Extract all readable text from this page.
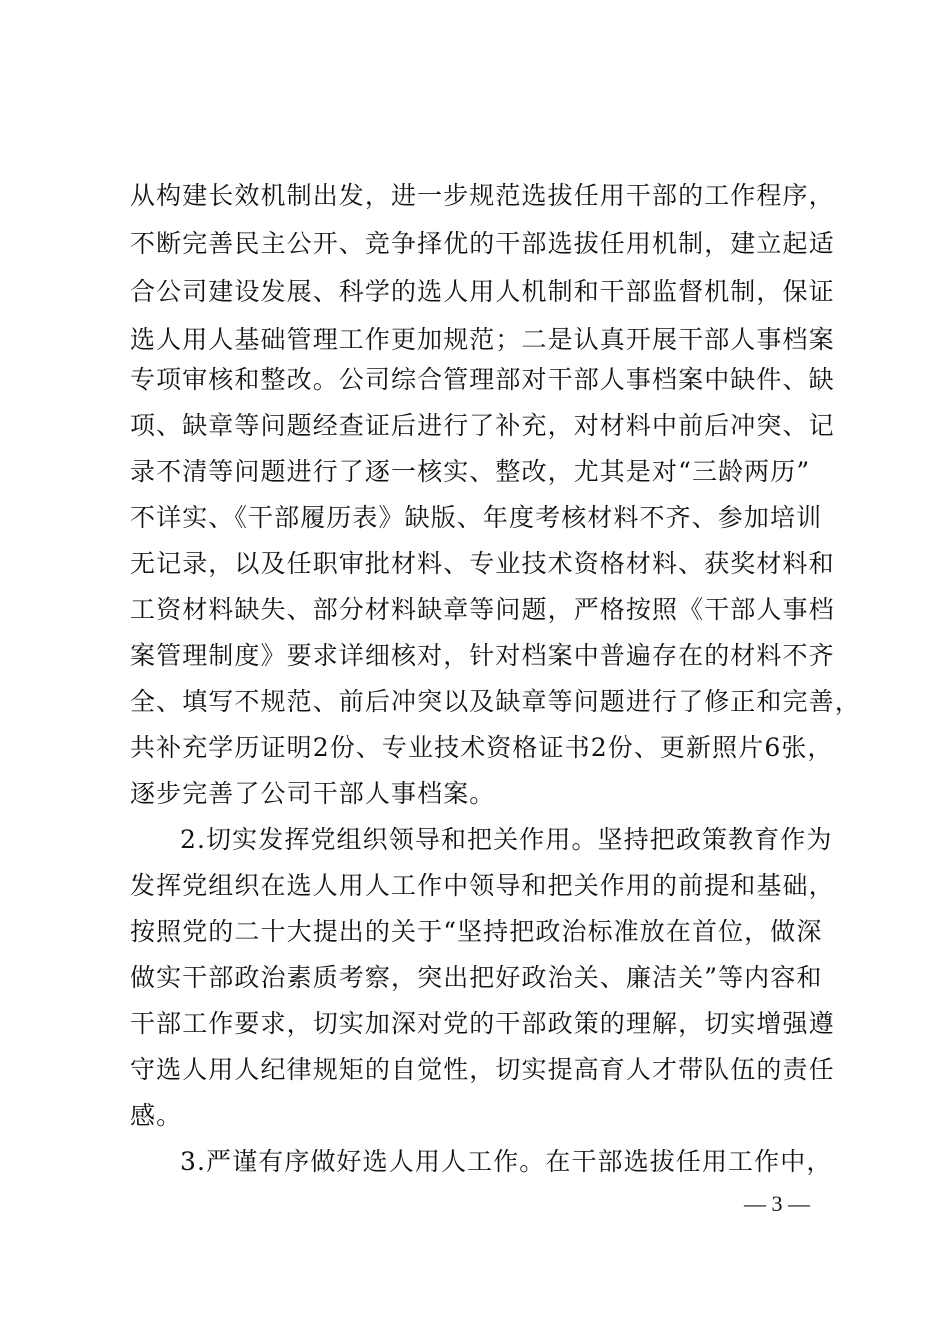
从构建长效机制出发，进一步规范选拔任用干部的工作程序，
不断完善民主公开、竞争择优的干部选拔任用机制，建立起适
合公司建设发展、科学的选人用人机制和干部监督机制，保证
选人用人基础管理工作更加规范；二是认真开展干部人事档案
专项审核和整改。公司综合管理部对干部人事档案中缺件、缺
项、缺章等问题经查证后进行了补充，对材料中前后冲突、记
录不清等问题进行了逐一核实、整改，尤其是对“三龄两历”
不详实、《干部履历表》缺版、年度考核材料不齐、参加培训
无记录，以及任职审批材料、专业技术资格材料、获奖材料和
工资材料缺失、部分材料缺章等问题，严格按照《干部人事档
案管理制度》要求详细核对，针对档案中普遍存在的材料不齐
全、填写不规范、前后冲突以及缺章等问题进行了修正和完善，
共补充学历证明2份、专业技术资格证书2份、更新照片6张，
逐步完善了公司干部人事档案。
2.切实发挥党组织领导和把关作用。坚持把政策教育作为
发挥党组织在选人用人工作中领导和把关作用的前提和基础，
按照党的二十大提出的关于“坚持把政治标准放在首位，做深
做实干部政治素质考察，突出把好政治关、廉洁关”等内容和
干部工作要求，切实加深对党的干部政策的理解，切实增强遵
守选人用人纪律规矩的自觉性，切实提高育人才带队伍的责任
感。
3.严谨有序做好选人用人工作。在干部选拔任用工作中，
— 3 —
